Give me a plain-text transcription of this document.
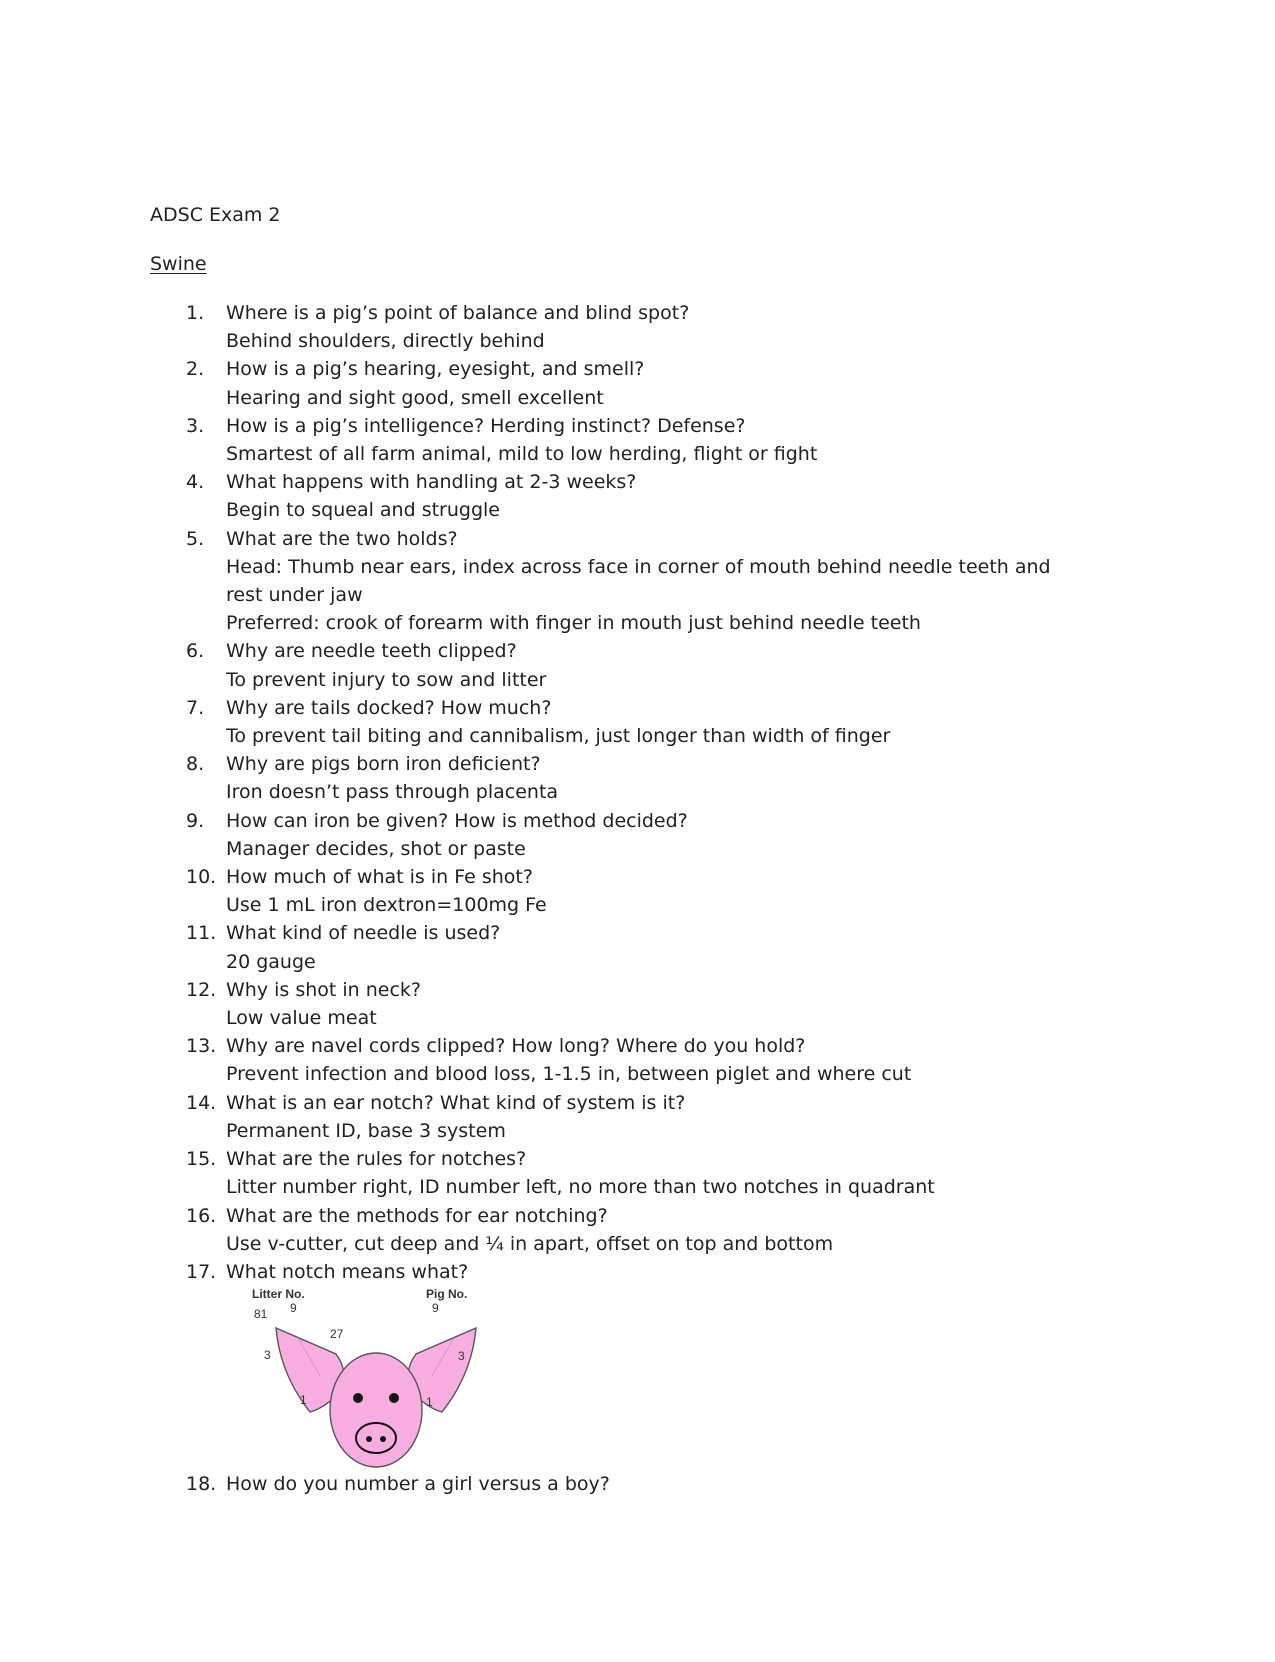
ADSC Exam 2
Swine
1.	Where is a pig’s point of balance and blind spot?
Behind shoulders, directly behind
2.	How is a pig’s hearing, eyesight, and smell?
Hearing and sight good, smell excellent
3.	How is a pig’s intelligence? Herding instinct? Defense?
Smartest of all farm animal, mild to low herding, flight or fight
4.	What happens with handling at 2-3 weeks?
Begin to squeal and struggle
5.	What are the two holds?
Head: Thumb near ears, index across face in corner of mouth behind needle teeth and rest under jaw
Preferred: crook of forearm with finger in mouth just behind needle teeth
6.	Why are needle teeth clipped?
To prevent injury to sow and litter
7.	Why are tails docked? How much?
To prevent tail biting and cannibalism, just longer than width of finger
8.	Why are pigs born iron deficient?
Iron doesn’t pass through placenta
9.	How can iron be given? How is method decided?
Manager decides, shot or paste
10. How much of what is in Fe shot?
Use 1 mL iron dextron=100mg Fe
11. What kind of needle is used?
20 gauge
12. Why is shot in neck?
Low value meat
13. Why are navel cords clipped? How long? Where do you hold?
Prevent infection and blood loss, 1-1.5 in, between piglet and where cut
14. What is an ear notch? What kind of system is it?
Permanent ID, base 3 system
15. What are the rules for notches?
Litter number right, ID number left, no more than two notches in quadrant
16. What are the methods for ear notching?
Use v-cutter, cut deep and ¼ in apart, offset on top and bottom
17. What notch means what?
Litter No.	Pig No.
81 9
27
3
1
9
3
1
18. How do you number a girl versus a boy?
